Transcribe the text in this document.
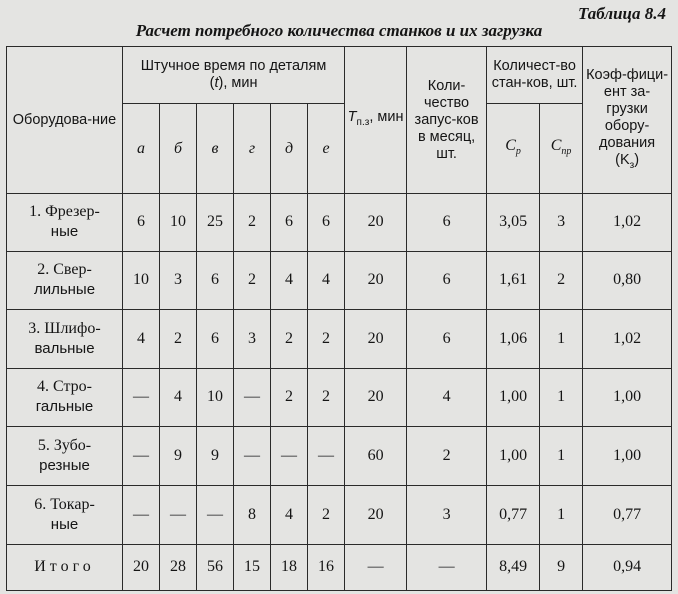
Таблица 8.4
Расчет потребного количества станков и их загрузка
Оборудова-ние	Штучное время по деталям
(t), мин						$T_{п.з}$, мин	Коли-чество запус-ков в месяц, шт.	Количест-во стан-ков, шт.		Коэф-фици-ент за-грузки обору-дования
$(K_з)$
	а	б	в	г	д	е			$C_р$	$C_{пр}$

1. Фрезер-
ные	6	10	25	2	6	6	20	6	3,05	3	1,02

2. Свер-
лильные	10	3	6	2	4	4	20	6	1,61	2	0,80

3. Шлифо-
вальные	4	2	6	3	2	2	20	6	1,06	1	1,02

4. Стро-
гальные	—	4	10	—	2	2	20	4	1,00	1	1,00

5. Зубо-
резные	—	9	9	—	—	—	60	2	1,00	1	1,00

6. Токар-
ные	—	—	—	8	4	2	20	3	0,77	1	0,77
Итого	20	28	56	15	18	16	—	—	8,49	9	0,94
